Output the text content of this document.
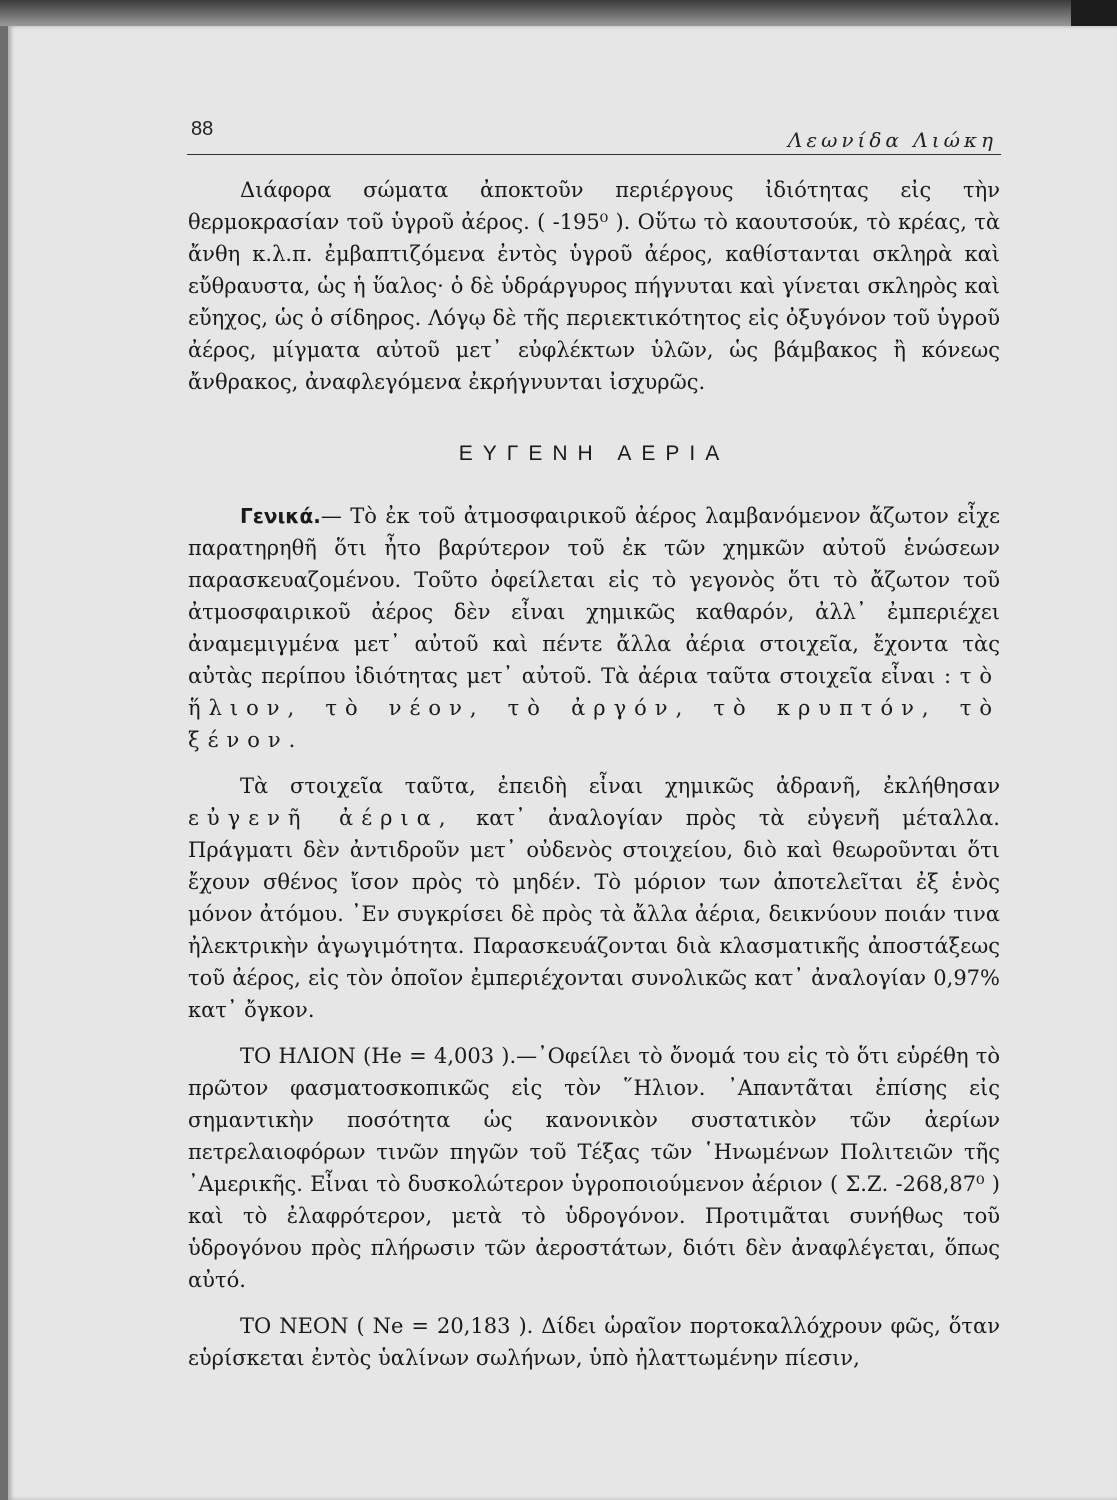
88	Λεωνίδα Λιώκη

Διάφορα σώματα ἀποκτοῦν περιέργους ἰδιότητας εἰς τὴν θερμοκρασίαν τοῦ ὑγροῦ ἀέρος. ( -195⁰ ). Οὕτω τὸ καουτσούκ, τὸ κρέας, τὰ ἄνθη κ.λ.π. ἐμβαπτιζόμενα ἐντὸς ὑγροῦ ἀέρος, καθίστανται σκληρὰ καὶ εὔθραυστα, ὡς ἡ ὕαλος· ὁ δὲ ὑδράργυρος πήγνυται καὶ γίνεται σκληρὸς καὶ εὔηχος, ὡς ὁ σίδηρος. Λόγῳ δὲ τῆς περιεκτικότητος εἰς ὀξυγόνον τοῦ ὑγροῦ ἀέρος, μίγματα αὐτοῦ μετ᾿ εὐφλέκτων ὑλῶν, ὡς βάμβακος ἢ κόνεως ἄνθρακος, ἀναφλεγόμενα ἐκρήγνυνται ἰσχυρῶς.

ΕΥΓΕΝΗ ΑΕΡΙΑ

Γενικά.— Τὸ ἐκ τοῦ ἀτμοσφαιρικοῦ ἀέρος λαμβανόμενον ἄζωτον εἶχε παρατηρηθῆ ὅτι ἦτο βαρύτερον τοῦ ἐκ τῶν χημκῶν αὐτοῦ ἑνώσεων παρασκευαζομένου. Τοῦτο ὀφείλεται εἰς τὸ γεγονὸς ὅτι τὸ ἄζωτον τοῦ ἀτμοσφαιρικοῦ ἀέρος δὲν εἶναι χημικῶς καθαρόν, ἀλλ᾿ ἐμπεριέχει ἀναμεμιγμένα μετ᾿ αὐτοῦ καὶ πέντε ἄλλα ἀέρια στοιχεῖα, ἔχοντα τὰς αὐτὰς περίπου ἰδιότητας μετ᾿ αὐτοῦ. Τὰ ἀέρια ταῦτα στοιχεῖα εἶναι : τὸ ἥλιον, τὸ νέον, τὸ ἀργόν, τὸ κρυπτόν, τὸ ξένον.

Τὰ στοιχεῖα ταῦτα, ἐπειδὴ εἶναι χημικῶς ἀδρανῆ, ἐκλήθησαν εὐγενῆ ἀέρια, κατ᾿ ἀναλογίαν πρὸς τὰ εὐγενῆ μέταλλα. Πράγματι δὲν ἀντιδροῦν μετ᾿ οὐδενὸς στοιχείου, διὸ καὶ θεωροῦνται ὅτι ἔχουν σθένος ἴσον πρὸς τὸ μηδέν. Τὸ μόριον των ἀποτελεῖται ἐξ ἑνὸς μόνον ἀτόμου. ᾿Εν συγκρίσει δὲ πρὸς τὰ ἄλλα ἀέρια, δεικνύουν ποιάν τινα ἠλεκτρικὴν ἀγωγιμότητα. Παρασκευάζονται διὰ κλασματικῆς ἀποστάξεως τοῦ ἀέρος, εἰς τὸν ὁποῖον ἐμπεριέχονται συνολικῶς κατ᾿ ἀναλογίαν 0,97% κατ᾿ ὄγκον.

ΤΟ ΗΛΙΟΝ (He = 4,003 ).—᾿Οφείλει τὸ ὄνομά του εἰς τὸ ὅτι εὑρέθη τὸ πρῶτον φασματοσκοπικῶς εἰς τὸν ῞Ηλιον. ᾿Απαντᾶται ἐπίσης εἰς σημαντικὴν ποσότητα ὡς κανονικὸν συστατικὸν τῶν ἀερίων πετρελαιοφόρων τινῶν πηγῶν τοῦ Τέξας τῶν ῾Ηνωμένων Πολιτειῶν τῆς ᾿Αμερικῆς. Εἶναι τὸ δυσκολώτερον ὑγροποιούμενον ἀέριον ( Σ.Ζ. -268,87⁰ ) καὶ τὸ ἐλαφρότερον, μετὰ τὸ ὑδρογόνον. Προτιμᾶται συνήθως τοῦ ὑδρογόνου πρὸς πλήρωσιν τῶν ἀεροστάτων, διότι δὲν ἀναφλέγεται, ὅπως αὐτό.

ΤΟ ΝΕΟΝ ( Ne = 20,183 ). Δίδει ὡραῖον πορτοκαλλόχρουν φῶς, ὅταν εὑρίσκεται ἐντὸς ὑαλίνων σωλήνων, ὑπὸ ἠλαττωμένην πίεσιν,
